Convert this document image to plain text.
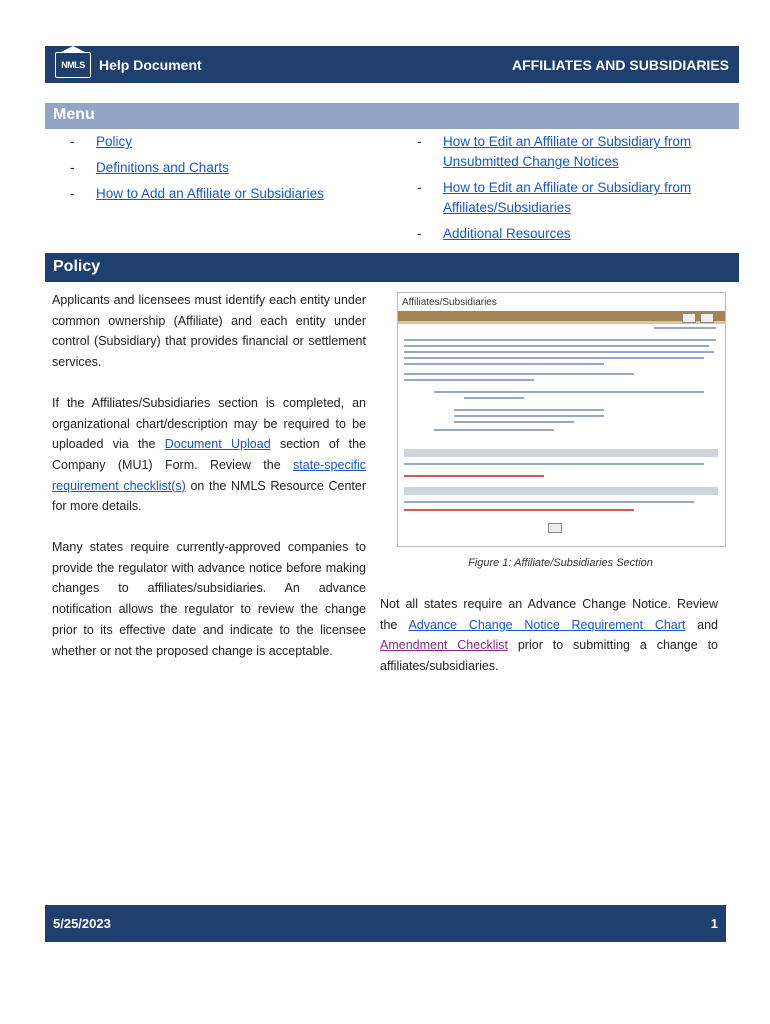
NMLS Help Document	AFFILIATES AND SUBSIDIARIES
Menu
-	Policy
-	Definitions and Charts
-	How to Add an Affiliate or Subsidiaries
-	How to Edit an Affiliate or Subsidiary from Unsubmitted Change Notices
-	How to Edit an Affiliate or Subsidiary from Affiliates/Subsidiaries
-	Additional Resources
Policy

Applicants and licensees must identify each entity under common ownership (Affiliate) and each entity under control (Subsidiary) that provides financial or settlement services.

If the Affiliates/Subsidiaries section is completed, an organizational chart/description may be required to be uploaded via the Document Upload section of the Company (MU1) Form. Review the state-specific requirement checklist(s) on the NMLS Resource Center for more details.

Many states require currently-approved companies to provide the regulator with advance notice before making changes to affiliates/subsidiaries. An advance notification allows the regulator to review the change prior to its effective date and indicate to the licensee whether or not the proposed change is acceptable.

Affiliates/Subsidiaries
Figure 1: Affiliate/Subsidiaries Section
Not all states require an Advance Change Notice. Review the Advance Change Notice Requirement Chart and Amendment Checklist prior to submitting a change to affiliates/subsidiaries.
5/25/2023	1
